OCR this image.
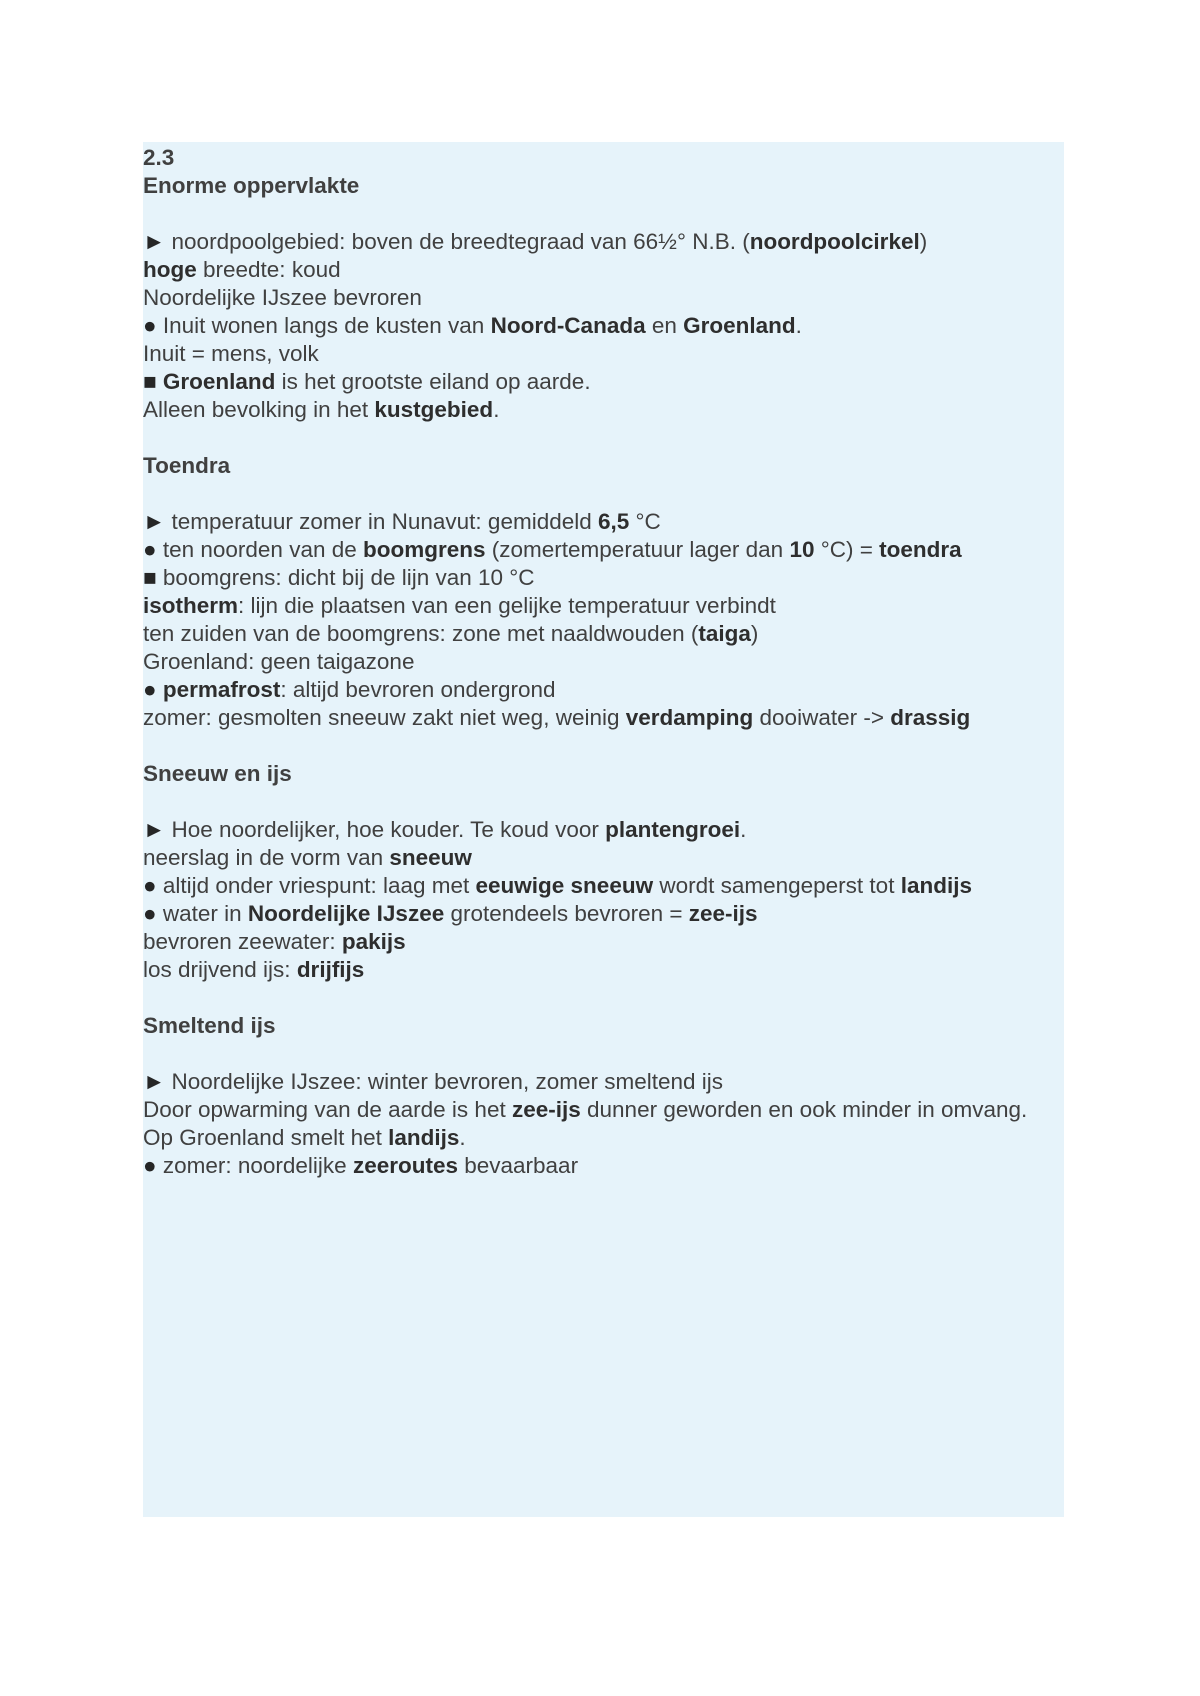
2.3
Enorme oppervlakte
► noordpoolgebied: boven de breedtegraad van 66½° N.B. (noordpoolcirkel)
hoge breedte: koud
Noordelijke IJszee bevroren
● Inuit wonen langs de kusten van Noord-Canada en Groenland.
Inuit = mens, volk
■ Groenland is het grootste eiland op aarde.
Alleen bevolking in het kustgebied.
Toendra
► temperatuur zomer in Nunavut: gemiddeld 6,5 °C
● ten noorden van de boomgrens (zomertemperatuur lager dan 10 °C) = toendra
■ boomgrens: dicht bij de lijn van 10 °C
isotherm: lijn die plaatsen van een gelijke temperatuur verbindt
ten zuiden van de boomgrens: zone met naaldwouden (taiga)
Groenland: geen taigazone
● permafrost: altijd bevroren ondergrond
zomer: gesmolten sneeuw zakt niet weg, weinig verdamping dooiwater -> drassig
Sneeuw en ijs
► Hoe noordelijker, hoe kouder. Te koud voor plantengroei.
neerslag in de vorm van sneeuw
● altijd onder vriespunt: laag met eeuwige sneeuw wordt samengeperst tot landijs
● water in Noordelijke IJszee grotendeels bevroren = zee-ijs
bevroren zeewater: pakijs
los drijvend ijs: drijfijs
Smeltend ijs
► Noordelijke IJszee: winter bevroren, zomer smeltend ijs
Door opwarming van de aarde is het zee-ijs dunner geworden en ook minder in omvang.
Op Groenland smelt het landijs.
● zomer: noordelijke zeeroutes bevaarbaar
